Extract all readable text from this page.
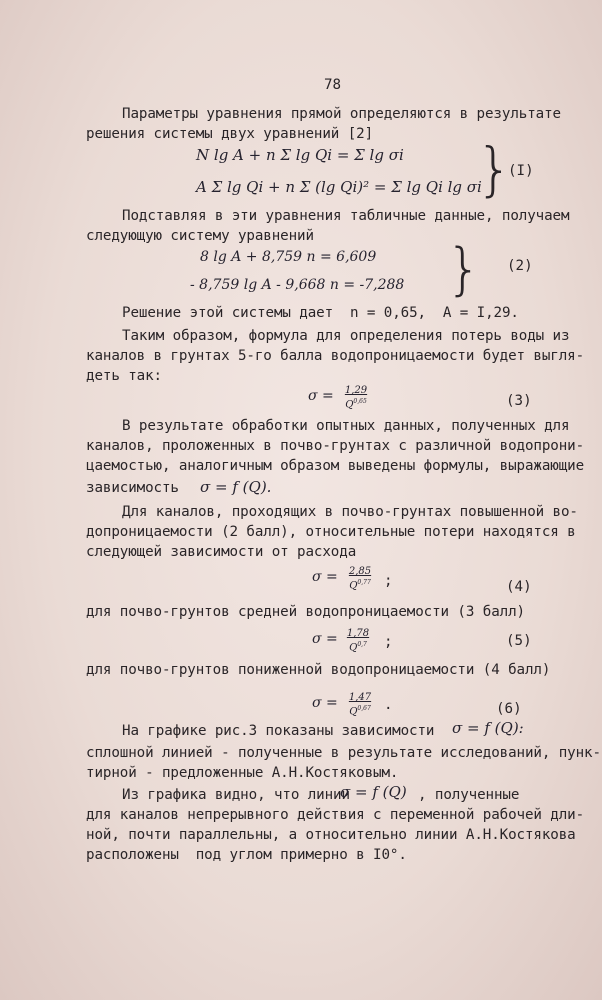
78
Параметры уравнения прямой определяются в результате
решения системы двух уравнений [2]
N lg A + n Σ lg Qi = Σ lg σi
A Σ lg Qi + n Σ (lg Qi)² = Σ lg Qi lg σi
}
(I)
Подставляя в эти уравнения табличные данные, получаем
следующую систему уравнений
8 lg A + 8,759 n = 6,609
- 8,759 lg A - 9,668 n = -7,288 } (2)
Решение этой системы дает n = 0,65,  A = I,29.
Таким образом, формула для определения потерь воды из
каналов в грунтах 5-го балла водопроницаемости будет выгля-
деть так:
$\sigma = \frac{1,29}{Q^{0,65}}$	(3)
В результате обработки опытных данных, полученных для
каналов, проложенных в почво-грунтах с различной водопрони-
цаемостью, аналогичным образом выведены формулы, выражающие
зависимость σ = f (Q).
Для каналов, проходящих в почво-грунтах повышенной во-
допроницаемости (2 балл), относительные потери находятся в
следующей зависимости от расхода
$\sigma = \frac{2,85}{Q^{0,77}}$ ;	(4)
для почво-грунтов средней водопроницаемости (3 балл)
$\sigma = \frac{1,78}{Q^{0,7}}$ ;	(5)
для почво-грунтов пониженной водопроницаемости (4 балл)
$\sigma = \frac{1,47}{Q^{0,67}}$ .	(6)
На графике рис.3 показаны зависимости σ = f (Q):
сплошной линией - полученные в результате исследований, пунк-
тирной - предложенные А.Н.Костяковым.
Из графика видно, что линии
σ = f (Q) , полученные
для каналов непрерывного действия с переменной рабочей дли-
ной, почти параллельны, а относительно линии А.Н.Костякова
расположены  под углом примерно в I0°.
